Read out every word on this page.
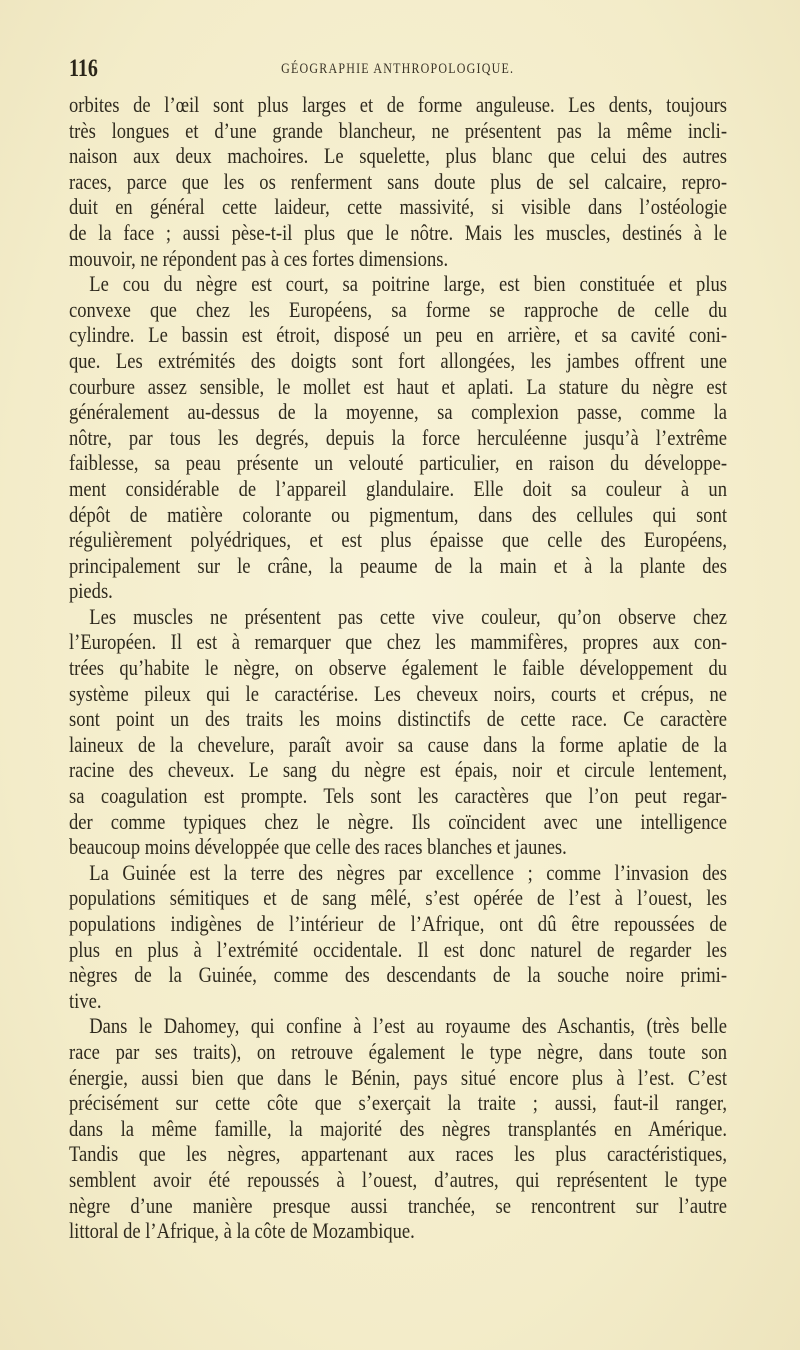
116	GÉOGRAPHIE ANTHROPOLOGIQUE.
orbites de l’œil sont plus larges et de forme anguleuse. Les dents, toujours
très longues et d’une grande blancheur, ne présentent pas la même incli-
naison aux deux machoires. Le squelette, plus blanc que celui des autres
races, parce que les os renferment sans doute plus de sel calcaire, repro-
duit en général cette laideur, cette massivité, si visible dans l’ostéologie
de la face ; aussi pèse-t-il plus que le nôtre. Mais les muscles, destinés à le
mouvoir, ne répondent pas à ces fortes dimensions.
Le cou du nègre est court, sa poitrine large, est bien constituée et plus
convexe que chez les Européens, sa forme se rapproche de celle du
cylindre. Le bassin est étroit, disposé un peu en arrière, et sa cavité coni-
que. Les extrémités des doigts sont fort allongées, les jambes offrent une
courbure assez sensible, le mollet est haut et aplati. La stature du nègre est
généralement au-dessus de la moyenne, sa complexion passe, comme la
nôtre, par tous les degrés, depuis la force herculéenne jusqu’à l’extrême
faiblesse, sa peau présente un velouté particulier, en raison du développe-
ment considérable de l’appareil glandulaire. Elle doit sa couleur à un
dépôt de matière colorante ou pigmentum, dans des cellules qui sont
régulièrement polyédriques, et est plus épaisse que celle des Européens,
principalement sur le crâne, la peaume de la main et à la plante des
pieds.
Les muscles ne présentent pas cette vive couleur, qu’on observe chez
l’Européen. Il est à remarquer que chez les mammifères, propres aux con-
trées qu’habite le nègre, on observe également le faible développement du
système pileux qui le caractérise. Les cheveux noirs, courts et crépus, ne
sont point un des traits les moins distinctifs de cette race. Ce caractère
laineux de la chevelure, paraît avoir sa cause dans la forme aplatie de la
racine des cheveux. Le sang du nègre est épais, noir et circule lentement,
sa coagulation est prompte. Tels sont les caractères que l’on peut regar-
der comme typiques chez le nègre. Ils coïncident avec une intelligence
beaucoup moins développée que celle des races blanches et jaunes.
La Guinée est la terre des nègres par excellence ; comme l’invasion des
populations sémitiques et de sang mêlé, s’est opérée de l’est à l’ouest, les
populations indigènes de l’intérieur de l’Afrique, ont dû être repoussées de
plus en plus à l’extrémité occidentale. Il est donc naturel de regarder les
nègres de la Guinée, comme des descendants de la souche noire primi-
tive.
Dans le Dahomey, qui confine à l’est au royaume des Aschantis, (très belle
race par ses traits), on retrouve également le type nègre, dans toute son
énergie, aussi bien que dans le Bénin, pays situé encore plus à l’est. C’est
précisément sur cette côte que s’exerçait la traite ; aussi, faut-il ranger,
dans la même famille, la majorité des nègres transplantés en Amérique.
Tandis que les nègres, appartenant aux races les plus caractéristiques,
semblent avoir été repoussés à l’ouest, d’autres, qui représentent le type
nègre d’une manière presque aussi tranchée, se rencontrent sur l’autre
littoral de l’Afrique, à la côte de Mozambique.
